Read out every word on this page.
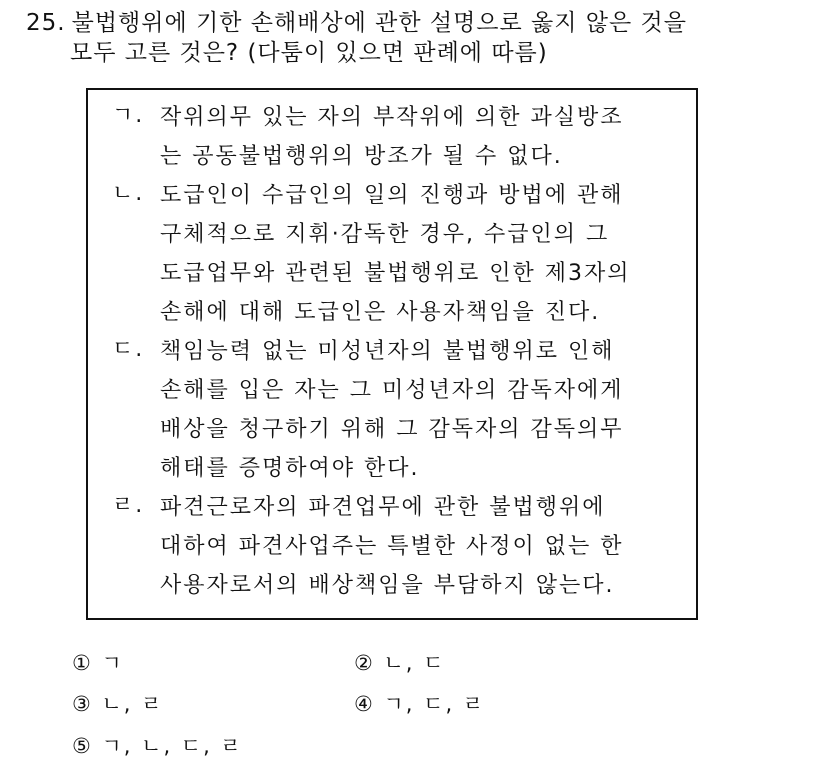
25. 불법행위에 기한 손해배상에 관한 설명으로 옳지 않은 것을
모두 고른 것은? (다툼이 있으면 판례에 따름)
ㄱ. 작위의무 있는 자의 부작위에 의한 과실방조
는 공동불법행위의 방조가 될 수 없다.
ㄴ. 도급인이 수급인의 일의 진행과 방법에 관해
구체적으로 지휘·감독한 경우, 수급인의 그
도급업무와 관련된 불법행위로 인한 제3자의
손해에 대해 도급인은 사용자책임을 진다.
ㄷ. 책임능력 없는 미성년자의 불법행위로 인해
손해를 입은 자는 그 미성년자의 감독자에게
배상을 청구하기 위해 그 감독자의 감독의무
해태를 증명하여야 한다.
ㄹ. 파견근로자의 파견업무에 관한 불법행위에
대하여 파견사업주는 특별한 사정이 없는 한
사용자로서의 배상책임을 부담하지 않는다.
① ㄱ	② ㄴ, ㄷ
③ ㄴ, ㄹ	④ ㄱ, ㄷ, ㄹ
⑤ ㄱ, ㄴ, ㄷ, ㄹ
